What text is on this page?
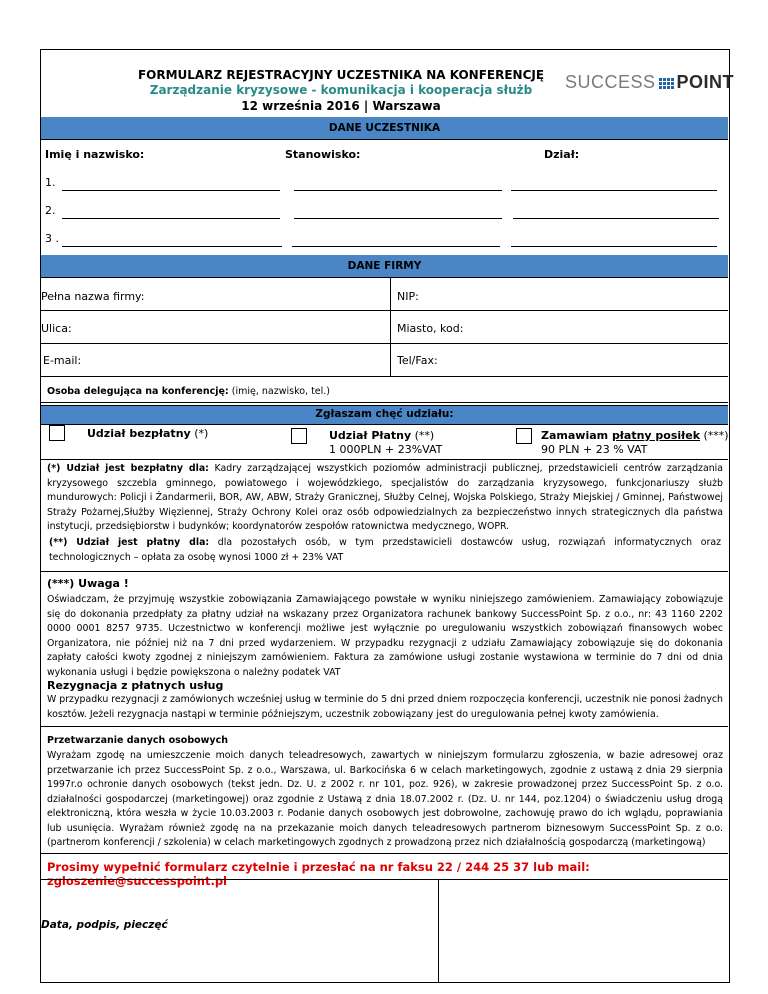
FORMULARZ REJESTRACYJNY UCZESTNIKA NA KONFERENCJĘ
Zarządzanie kryzysowe - komunikacja i kooperacja służb
12 września 2016 | Warszawa
SUCCESS POINT
DANE UCZESTNIKA
Imię i nazwisko:	Stanowisko:	Dział:
1.
2.
3 .
DANE FIRMY
Pełna nazwa firmy:	NIP:
Ulica:	Miasto, kod:
E-mail:	Tel/Fax:
Osoba delegująca na konferencję: (imię, nazwisko, tel.)
Zgłaszam chęć udziału:
Udział bezpłatny (*)	Udział Płatny (**)
1 000PLN + 23%VAT
Zamawiam płatny posiłek (***)
90 PLN + 23 % VAT
(*) Udział jest bezpłatny dla: Kadry zarządzającej wszystkich poziomów administracji publicznej, przedstawicieli centrów zarządzania kryzysowego szczebla gminnego, powiatowego i wojewódzkiego, specjalistów do zarządzania kryzysowego, funkcjonariuszy służb mundurowych: Policji i Żandarmerii, BOR, AW, ABW, Straży Granicznej, Służby Celnej, Wojska Polskiego, Straży Miejskiej / Gminnej, Państwowej Straży Pożarnej,Służby Więziennej, Straży Ochrony Kolei oraz osób odpowiedzialnych za bezpieczeństwo innych strategicznych dla państwa instytucji, przedsiębiorstw i budynków; koordynatorów zespołów ratownictwa medycznego, WOPR.
(**) Udział jest płatny dla: dla pozostałych osób, w tym przedstawicieli dostawców usług, rozwiązań informatycznych oraz technologicznych – opłata za osobę wynosi 1000 zł + 23% VAT
(***) Uwaga !
Oświadczam, że przyjmuję wszystkie zobowiązania Zamawiającego powstałe w wyniku niniejszego zamówieniem. Zamawiający zobowiązuje się do dokonania przedpłaty za płatny udział na wskazany przez Organizatora rachunek bankowy SuccessPoint Sp. z o.o., nr: 43 1160 2202 0000 0001 8257 9735. Uczestnictwo w konferencji możliwe jest wyłącznie po uregulowaniu wszystkich zobowiązań finansowych wobec Organizatora, nie później niż na 7 dni przed wydarzeniem. W przypadku rezygnacji z udziału Zamawiający zobowiązuje się do dokonania zapłaty całości kwoty zgodnej z niniejszym zamówieniem. Faktura za zamówione usługi zostanie wystawiona w terminie do 7 dni od dnia wykonania usługi i będzie powiększona o należny podatek VAT
Rezygnacja z płatnych usług
W przypadku rezygnacji z zamówionych wcześniej usług w terminie do 5 dni przed dniem rozpoczęcia konferencji, uczestnik nie ponosi żadnych kosztów. Jeżeli rezygnacja nastąpi w terminie późniejszym, uczestnik zobowiązany jest do uregulowania pełnej kwoty zamówienia.
Przetwarzanie danych osobowych
Wyrażam zgodę na umieszczenie moich danych teleadresowych, zawartych w niniejszym formularzu zgłoszenia, w bazie adresowej oraz przetwarzanie ich przez SuccessPoint Sp. z o.o., Warszawa, ul. Barkocińska 6 w celach marketingowych, zgodnie z ustawą z dnia 29 sierpnia 1997r.o ochronie danych osobowych (tekst jedn. Dz. U. z 2002 r. nr 101, poz. 926), w zakresie prowadzonej przez SuccessPoint Sp. z o.o. działalności gospodarczej (marketingowej) oraz zgodnie z Ustawą z dnia 18.07.2002 r. (Dz. U. nr 144, poz.1204) o świadczeniu usług drogą elektroniczną, która weszła w życie 10.03.2003 r. Podanie danych osobowych jest dobrowolne, zachowuję prawo do ich wglądu, poprawiania lub usunięcia. Wyrażam również zgodę na na przekazanie moich danych teleadresowych partnerom biznesowym SuccessPoint Sp. z o.o.(partnerom konferencji / szkolenia) w celach marketingowych zgodnych z prowadzoną przez nich działalnością gospodarczą (marketingową)
Prosimy wypełnić formularz czytelnie i przesłać na nr faksu 22 / 244 25 37 lub mail: zgloszenie@successpoint.pl
Data, podpis, pieczęć
